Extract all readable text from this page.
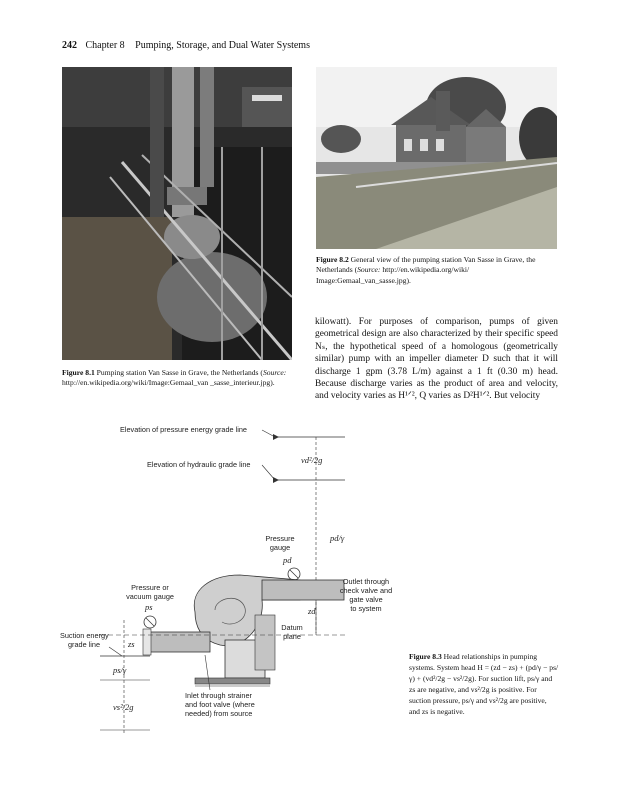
242 Chapter 8 Pumping, Storage, and Dual Water Systems
Figure 8.2 General view of the pumping station Van Sasse in Grave, the Netherlands (Source: http://en.wikipedia.org/wiki/ Image:Gemaal_van_sasse.jpg).
Figure 8.1 Pumping station Van Sasse in Grave, the Netherlands (Source: http://en.wikipedia.org/wiki/Image:Gemaal_van _sasse_interieur.jpg).

kilowatt). For purposes of comparison, pumps of given geometrical design are also characterized by their specific speed Nₛ, the hypothetical speed of a homologous (geometrically similar) pump with an impeller diameter D such that it will discharge 1 gpm (3.78 L/m) against a 1 ft (0.30 m) head. Because discharge varies as the product of area and velocity, and velocity varies as H¹ᐟ², Q varies as D²H¹ᐟ². But velocity

Elevation of pressure energy grade line
Elevation of hydraulic grade line	vd²/2g
pd/γ
Pressure
gauge
pd
Datum
plane
zd
Outlet through
check valve and
gate valve
to system
Pressure or
vacuum gauge
ps
Suction energy
grade line	zs
ps/γ
vs²/2g
Inlet through strainer
and foot valve (where
needed) from source
Figure 8.3 Head relationships in pumping systems. System head H = (zd − zs) + (pd/γ − ps/γ) + (vd²/2g − vs²/2g). For suction lift, ps/γ and zs are negative, and vs²/2g is positive. For suction pressure, ps/γ and vs²/2g are positive, and zs is negative.
